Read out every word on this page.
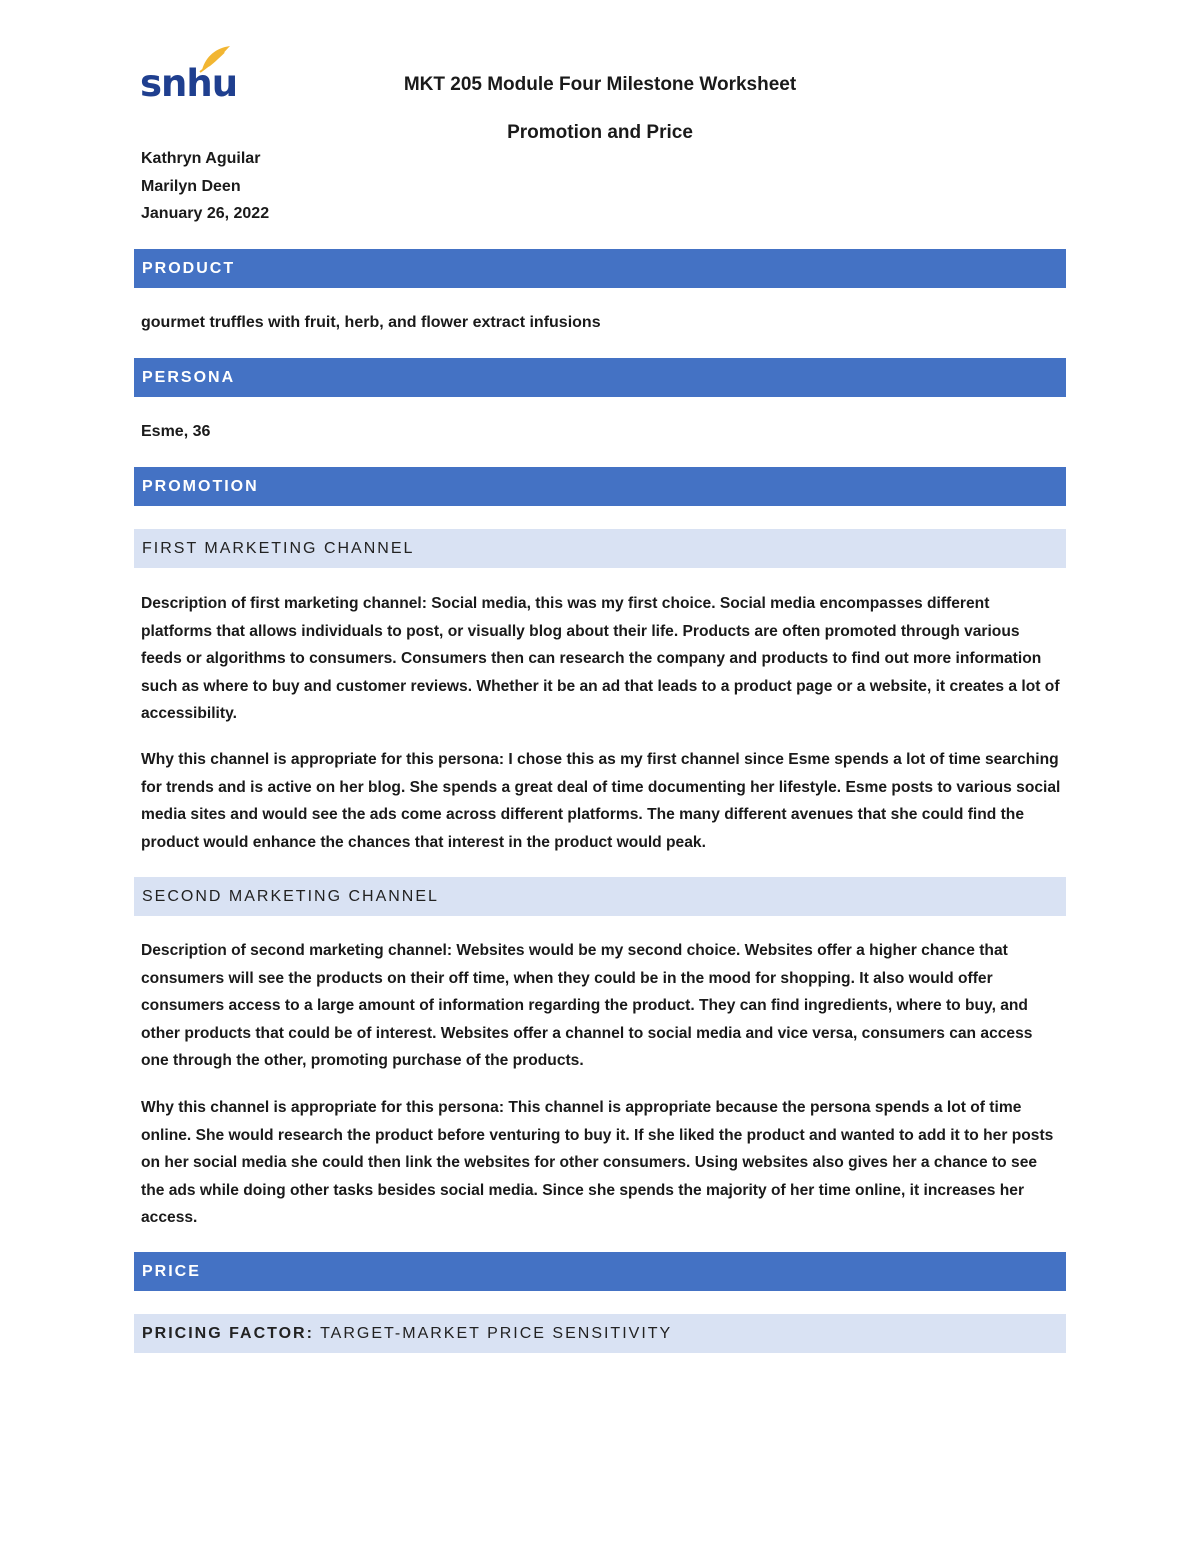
snhu	MKT 205 Module Four Milestone Worksheet
Promotion and Price
Kathryn Aguilar
Marilyn Deen
January 26, 2022
PRODUCT
gourmet truffles with fruit, herb, and flower extract infusions
PERSONA
Esme, 36
PROMOTION
FIRST MARKETING CHANNEL
Description of first marketing channel: Social media, this was my first choice. Social media encompasses different platforms that allows individuals to post, or visually blog about their life. Products are often promoted through various feeds or algorithms to consumers. Consumers then can research the company and products to find out more information such as where to buy and customer reviews. Whether it be an ad that leads to a product page or a website, it creates a lot of accessibility.
Why this channel is appropriate for this persona: I chose this as my first channel since Esme spends a lot of time searching for trends and is active on her blog. She spends a great deal of time documenting her lifestyle. Esme posts to various social media sites and would see the ads come across different platforms. The many different avenues that she could find the product would enhance the chances that interest in the product would peak.
SECOND MARKETING CHANNEL
Description of second marketing channel: Websites would be my second choice. Websites offer a higher chance that consumers will see the products on their off time, when they could be in the mood for shopping. It also would offer consumers access to a large amount of information regarding the product. They can find ingredients, where to buy, and other products that could be of interest. Websites offer a channel to social media and vice versa, consumers can access one through the other, promoting purchase of the products.
Why this channel is appropriate for this persona: This channel is appropriate because the persona spends a lot of time online. She would research the product before venturing to buy it. If she liked the product and wanted to add it to her posts on her social media she could then link the websites for other consumers. Using websites also gives her a chance to see the ads while doing other tasks besides social media. Since she spends the majority of her time online, it increases her access.
PRICE
PRICING FACTOR: TARGET-MARKET PRICE SENSITIVITY
